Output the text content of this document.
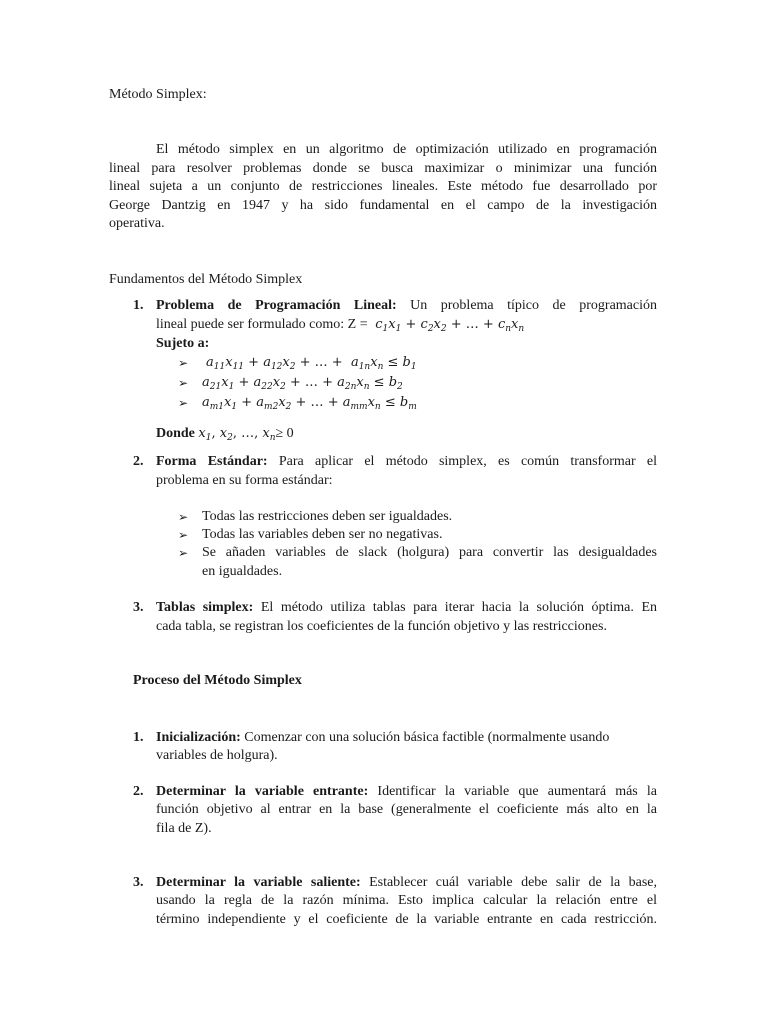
Método Simplex:
El método simplex en un algoritmo de optimización utilizado en programación
lineal para resolver problemas donde se busca maximizar o minimizar una función
lineal sujeta a un conjunto de restricciones lineales. Este método fue desarrollado por
George Dantzig en 1947 y ha sido fundamental en el campo de la investigación
operativa.
Fundamentos del Método Simplex
1. Problema de Programación Lineal: Un problema típico de programación
lineal puede ser formulado como: $Z = c_1x_1 + c_2x_2$ + … + $c_nx_n$
Sujeto a:
➢ $a_{11}x_{11} + a_{12}x_2$ + … +  $a_{1n}x_n \le b_1$
➢ $a_{21}x_1 + a_{22}x_2$ + … + $a_{2n}x_n \le b_2$
➢ $a_{m1}x_1 + a_{m2}x_2$ + … + $a_{mm}x_n \le b_m$
Donde $x_1$, $x_2$, …, $x_n\ge 0$
2. Forma Estándar: Para aplicar el método simplex, es común transformar el
problema en su forma estándar:
➢ Todas las restricciones deben ser igualdades.
➢ Todas las variables deben ser no negativas.
➢ Se añaden variables de slack (holgura) para convertir las desigualdades
en igualdades.
3. Tablas simplex: El método utiliza tablas para iterar hacia la solución óptima. En
cada tabla, se registran los coeficientes de la función objetivo y las restricciones.
Proceso del Método Simplex
1. Inicialización: Comenzar con una solución básica factible (normalmente usando
variables de holgura).
2. Determinar la variable entrante: Identificar la variable que aumentará más la
función objetivo al entrar en la base (generalmente el coeficiente más alto en la
fila de Z).
3. Determinar la variable saliente: Establecer cuál variable debe salir de la base,
usando la regla de la razón mínima. Esto implica calcular la relación entre el
término independiente y el coeficiente de la variable entrante en cada restricción.
